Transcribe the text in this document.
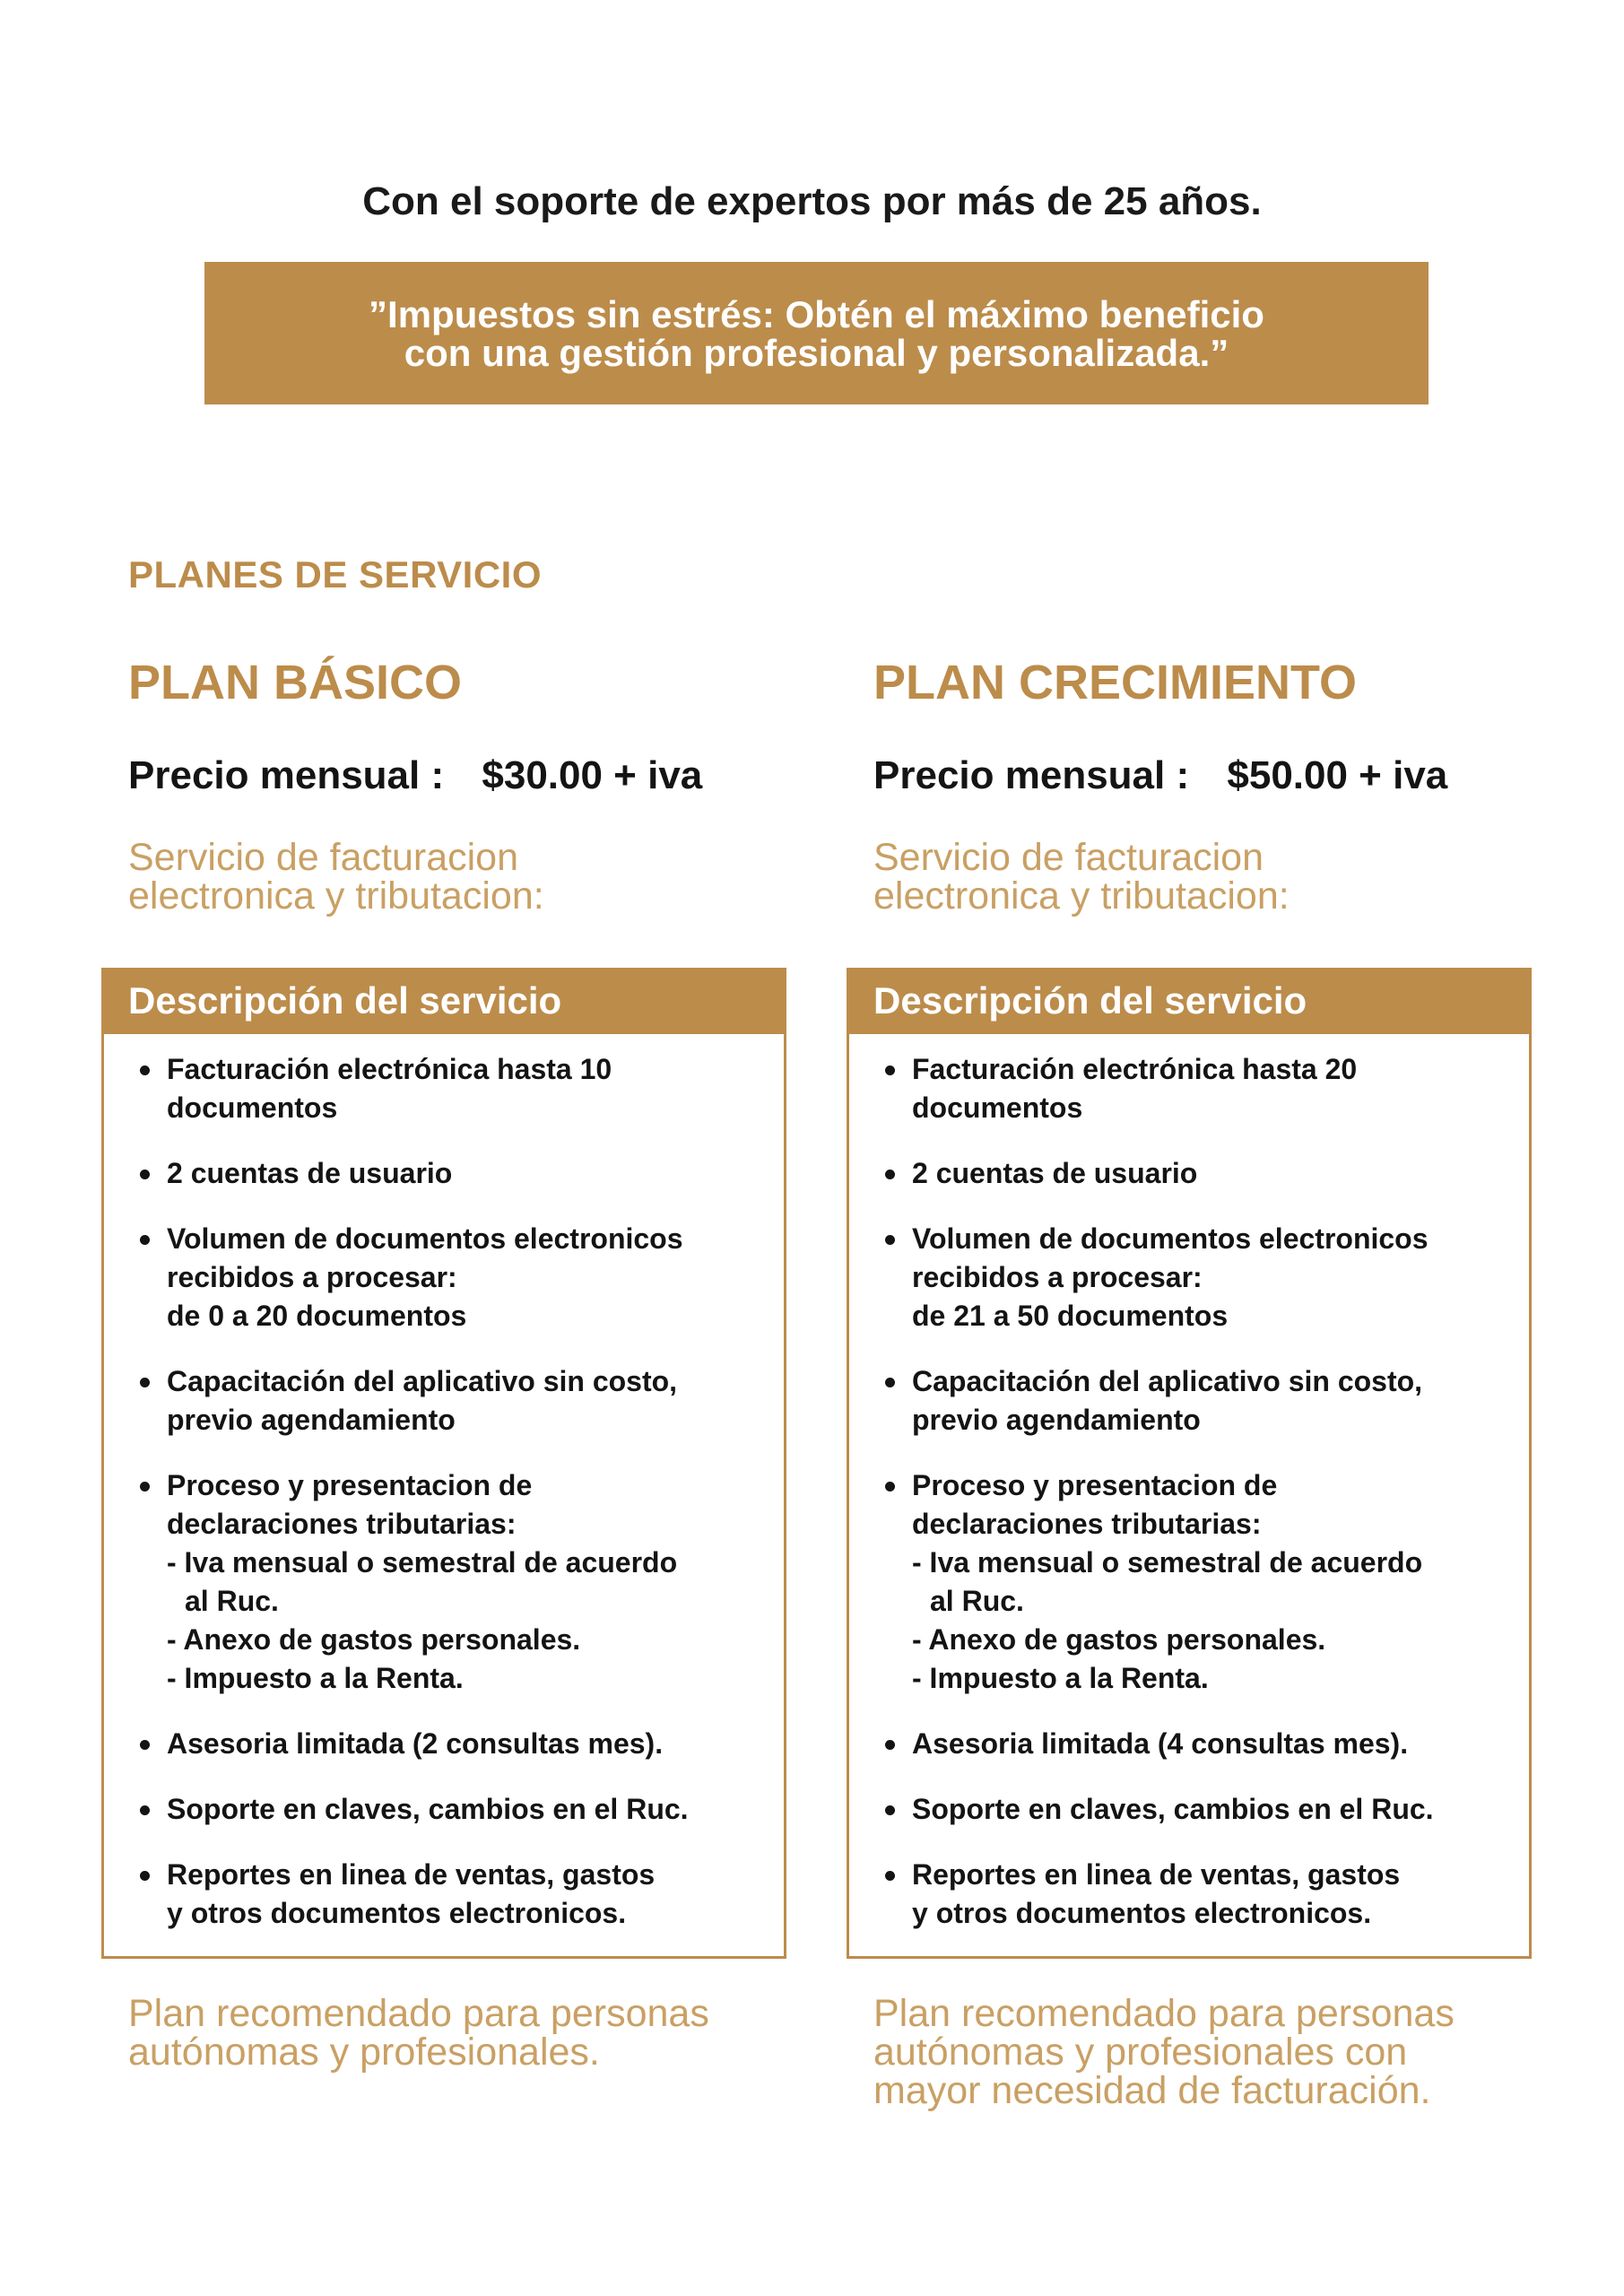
Con el soporte de expertos por más de 25 años.
”Impuestos sin estrés: Obtén el máximo beneficio
con una gestión profesional y personalizada.”
PLANES DE SERVICIO
PLAN BÁSICO
Precio mensual : $30.00 + iva
Servicio de facturacion
electronica y tributacion:
Descripción del servicio
Facturación electrónica hasta 10
documentos
2 cuentas de usuario
Volumen de documentos electronicos
recibidos a procesar:
de 0 a 20 documentos
Capacitación del aplicativo sin costo,
previo agendamiento
Proceso y presentacion de
declaraciones tributarias:
- Iva mensual o semestral de acuerdo
al Ruc.
- Anexo de gastos personales.
- Impuesto a la Renta.
Asesoria limitada (2 consultas mes).
Soporte en claves, cambios en el Ruc.
Reportes en linea de ventas, gastos
y otros documentos electronicos.
Plan recomendado para personas
autónomas y profesionales.
PLAN CRECIMIENTO
Precio mensual : $50.00 + iva
Servicio de facturacion
electronica y tributacion:
Descripción del servicio
Facturación electrónica hasta 20
documentos
2 cuentas de usuario
Volumen de documentos electronicos
recibidos a procesar:
de 21 a 50 documentos
Capacitación del aplicativo sin costo,
previo agendamiento
Proceso y presentacion de
declaraciones tributarias:
- Iva mensual o semestral de acuerdo
al Ruc.
- Anexo de gastos personales.
- Impuesto a la Renta.
Asesoria limitada (4 consultas mes).
Soporte en claves, cambios en el Ruc.
Reportes en linea de ventas, gastos
y otros documentos electronicos.
Plan recomendado para personas
autónomas y profesionales con
mayor necesidad de facturación.
